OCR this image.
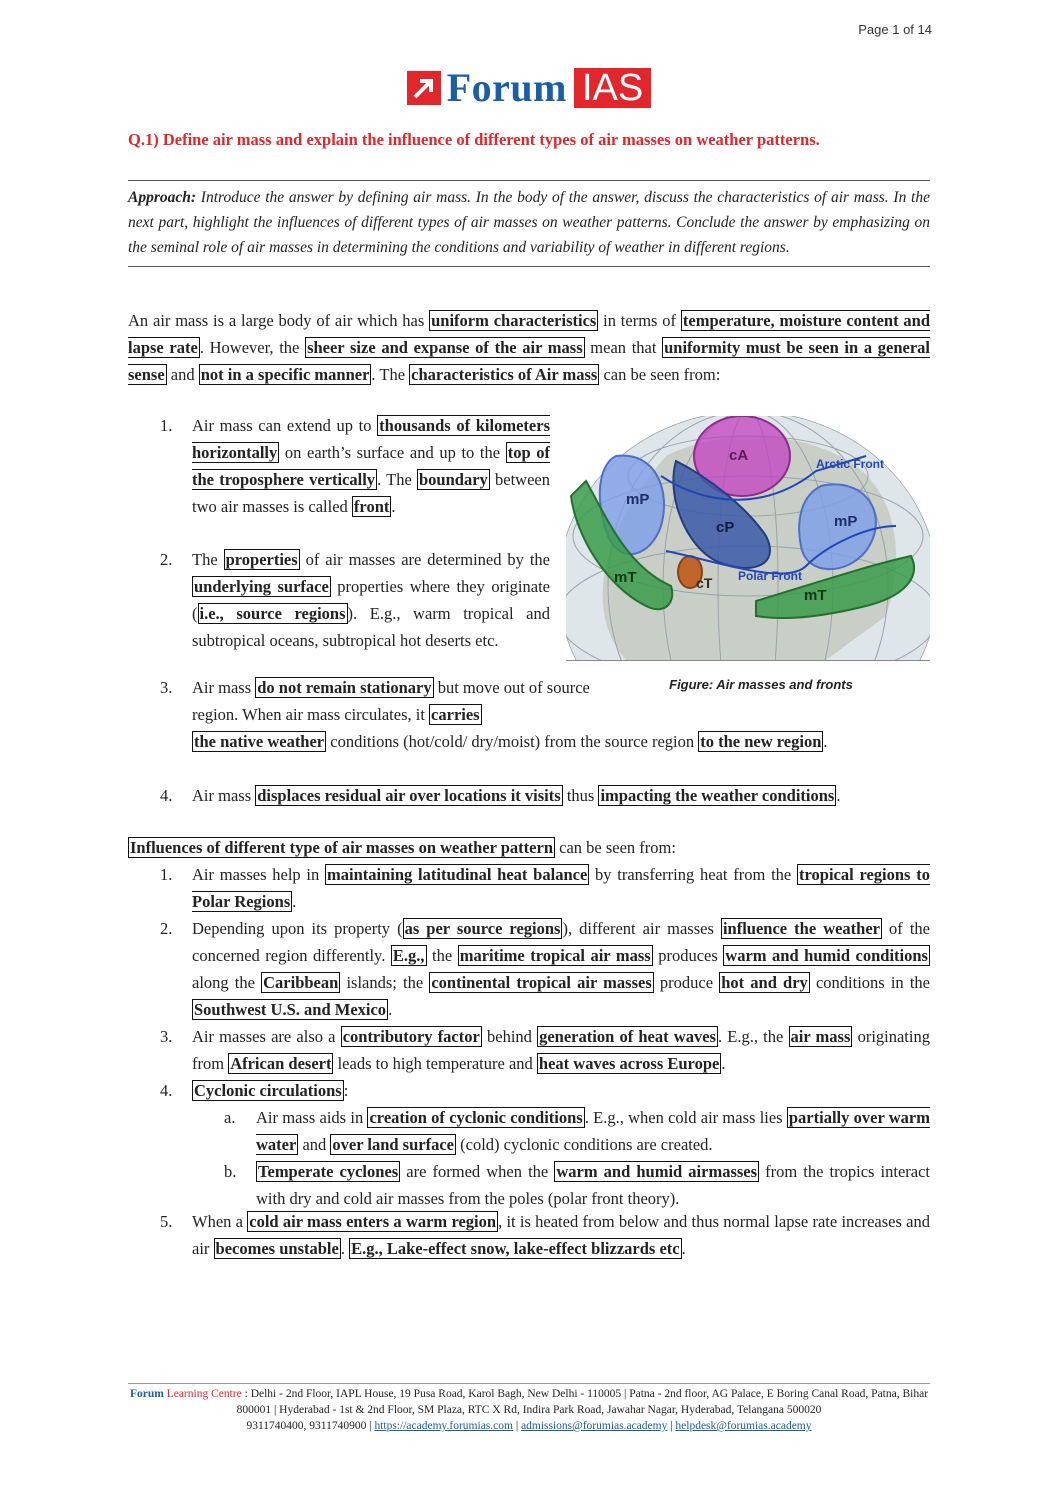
Page 1 of 14
Forum IAS
Q.1) Define air mass and explain the influence of different types of air masses on weather patterns.
Approach: Introduce the answer by defining air mass. In the body of the answer, discuss the characteristics of air mass. In the next part, highlight the influences of different types of air masses on weather patterns. Conclude the answer by emphasizing on the seminal role of air masses in determining the conditions and variability of weather in different regions.
An air mass is a large body of air which has uniform characteristics in terms of temperature, moisture content and lapse rate . However, the sheer size and expanse of the air mass mean that uniformity must be seen in a general sense and not in a specific manner . The characteristics of Air mass can be seen from:
1. Air mass can extend up to thousands of kilometers horizontally on earth’s surface and up to the top of the troposphere vertically . The boundary between two air masses is called front .
2. The properties of air masses are determined by the underlying surface properties where they originate ( i.e., source regions ). E.g., warm tropical and subtropical oceans, subtropical hot deserts etc.
3. Air mass do not remain stationary but move out of source region. When air mass circulates, it carries
the native weather conditions (hot/cold/ dry/moist) from the source region to the new region .
4. Air mass displaces residual air over locations it visits thus impacting the weather conditions .
cA	Arctic Front
mP
cP	mP
mT	cT Polar Front
mT
Figure: Air masses and fronts
Influences of different type of air masses on weather pattern can be seen from:
1. Air masses help in maintaining latitudinal heat balance by transferring heat from the tropical regions to Polar Regions .
2. Depending upon its property ( as per source regions ), different air masses influence the weather of the concerned region differently. E.g., the maritime tropical air mass produces warm and humid conditions along the Caribbean islands; the continental tropical air masses produce hot and dry conditions in the Southwest U.S. and Mexico .
3. Air masses are also a contributory factor behind generation of heat waves . E.g., the air mass originating from African desert leads to high temperature and heat waves across Europe .
4. Cyclonic circulations :
a. Air mass aids in creation of cyclonic conditions . E.g., when cold air mass lies partially over warm water and over land surface (cold) cyclonic conditions are created.
b. Temperate cyclones are formed when the warm and humid airmasses from the tropics interact with dry and cold air masses from the poles (polar front theory).
5. When a cold air mass enters a warm region , it is heated from below and thus normal lapse rate increases and air becomes unstable . E.g., Lake-effect snow, lake-effect blizzards etc .
Forum Learning Centre : Delhi - 2nd Floor, IAPL House, 19 Pusa Road, Karol Bagh, New Delhi - 110005 | Patna - 2nd floor, AG Palace, E Boring Canal Road, Patna, Bihar 800001 | Hyderabad - 1st & 2nd Floor, SM Plaza, RTC X Rd, Indira Park Road, Jawahar Nagar, Hyderabad, Telangana 500020
9311740400, 9311740900 | https://academy.forumias.com | admissions@forumias.academy | helpdesk@forumias.academy
